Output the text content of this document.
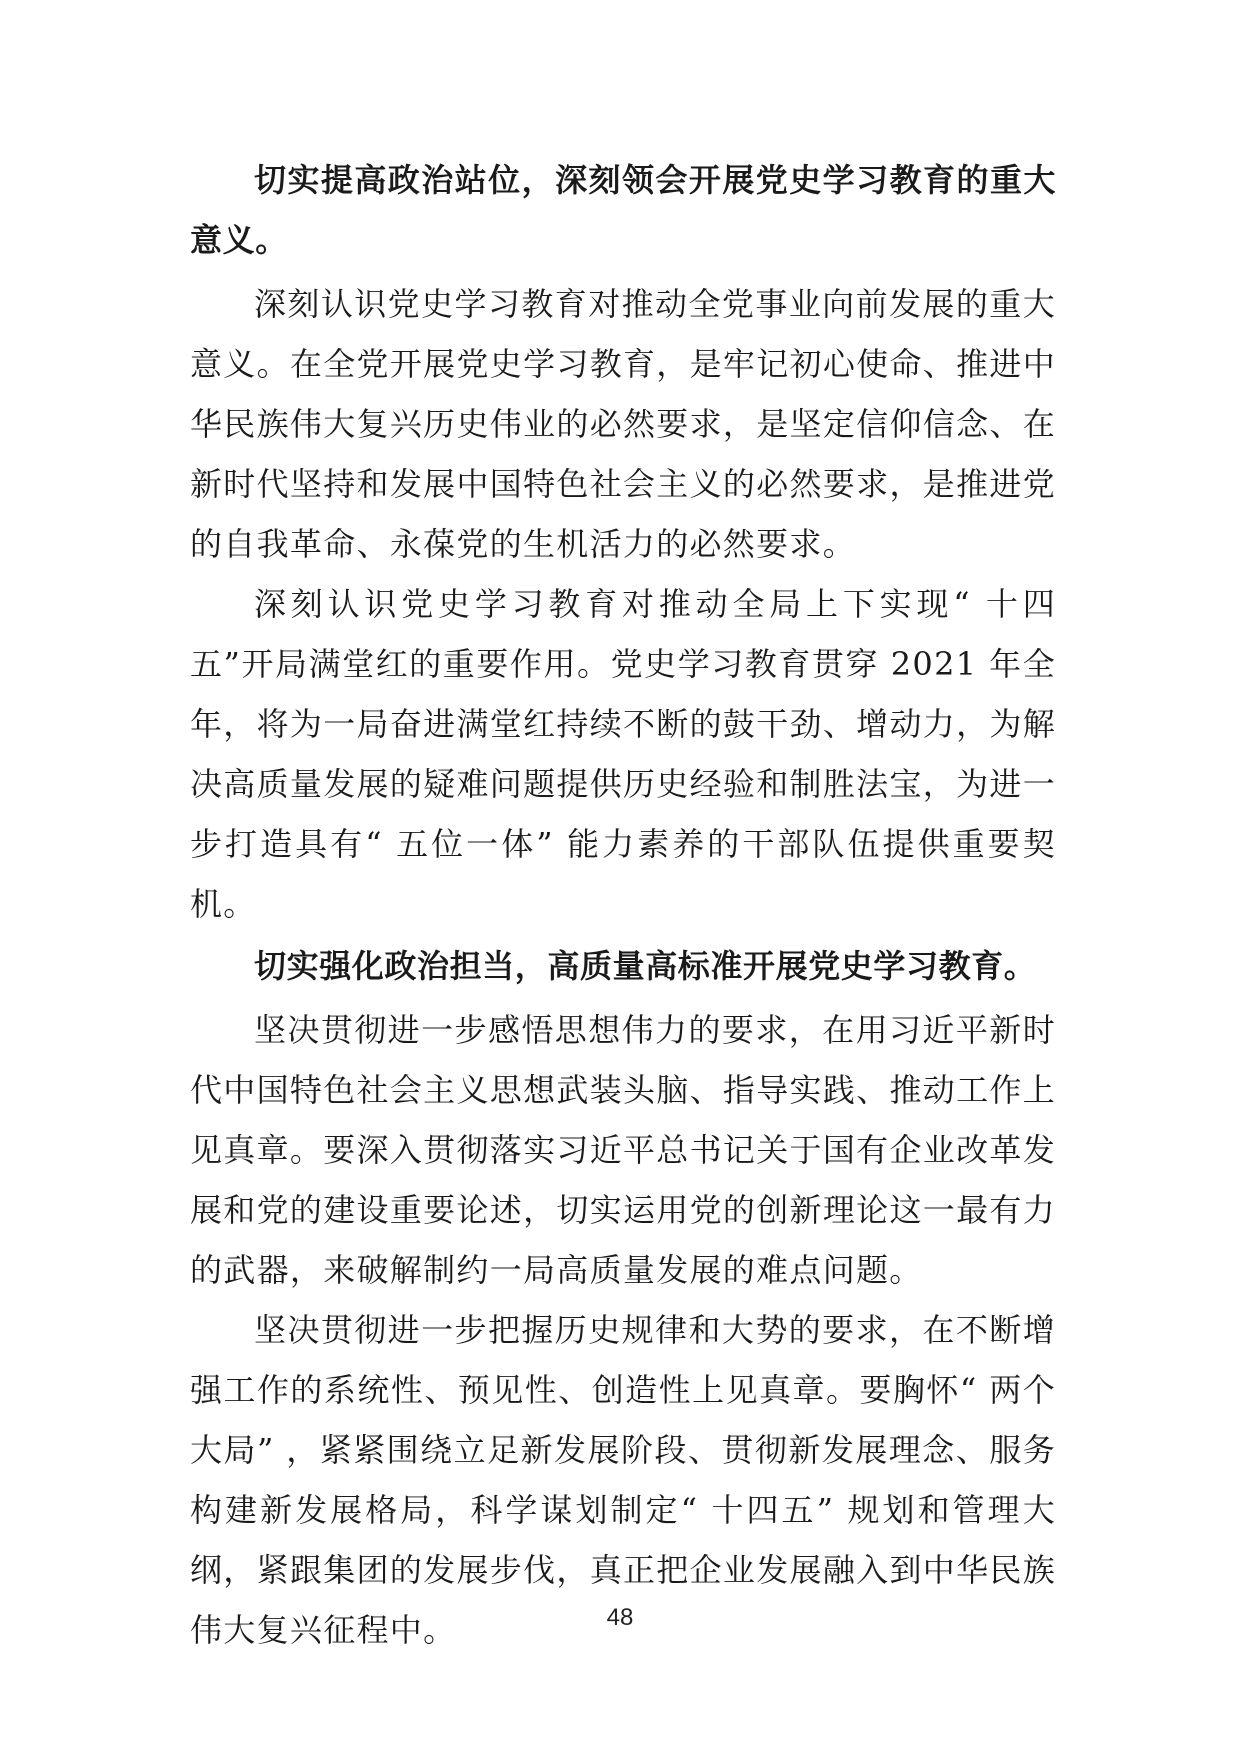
切实提高政治站位，深刻领会开展党史学习教育的重大意义。

深刻认识党史学习教育对推动全党事业向前发展的重大意义。在全党开展党史学习教育，是牢记初心使命、推进中华民族伟大复兴历史伟业的必然要求，是坚定信仰信念、在新时代坚持和发展中国特色社会主义的必然要求，是推进党的自我革命、永葆党的生机活力的必然要求。

深刻认识党史学习教育对推动全局上下实现“ 十四五”开局满堂红的重要作用。党史学习教育贯穿 2021 年全年，将为一局奋进满堂红持续不断的鼓干劲、增动力，为解决高质量发展的疑难问题提供历史经验和制胜法宝，为进一步打造具有“ 五位一体” 能力素养的干部队伍提供重要契机。

切实强化政治担当，高质量高标准开展党史学习教育。

坚决贯彻进一步感悟思想伟力的要求，在用习近平新时代中国特色社会主义思想武装头脑、指导实践、推动工作上见真章。要深入贯彻落实习近平总书记关于国有企业改革发展和党的建设重要论述，切实运用党的创新理论这一最有力的武器，来破解制约一局高质量发展的难点问题。

坚决贯彻进一步把握历史规律和大势的要求，在不断增强工作的系统性、预见性、创造性上见真章。要胸怀“ 两个大局” ，紧紧围绕立足新发展阶段、贯彻新发展理念、服务构建新发展格局，科学谋划制定“ 十四五” 规划和管理大纲，紧跟集团的发展步伐，真正把企业发展融入到中华民族伟大复兴征程中。	48
